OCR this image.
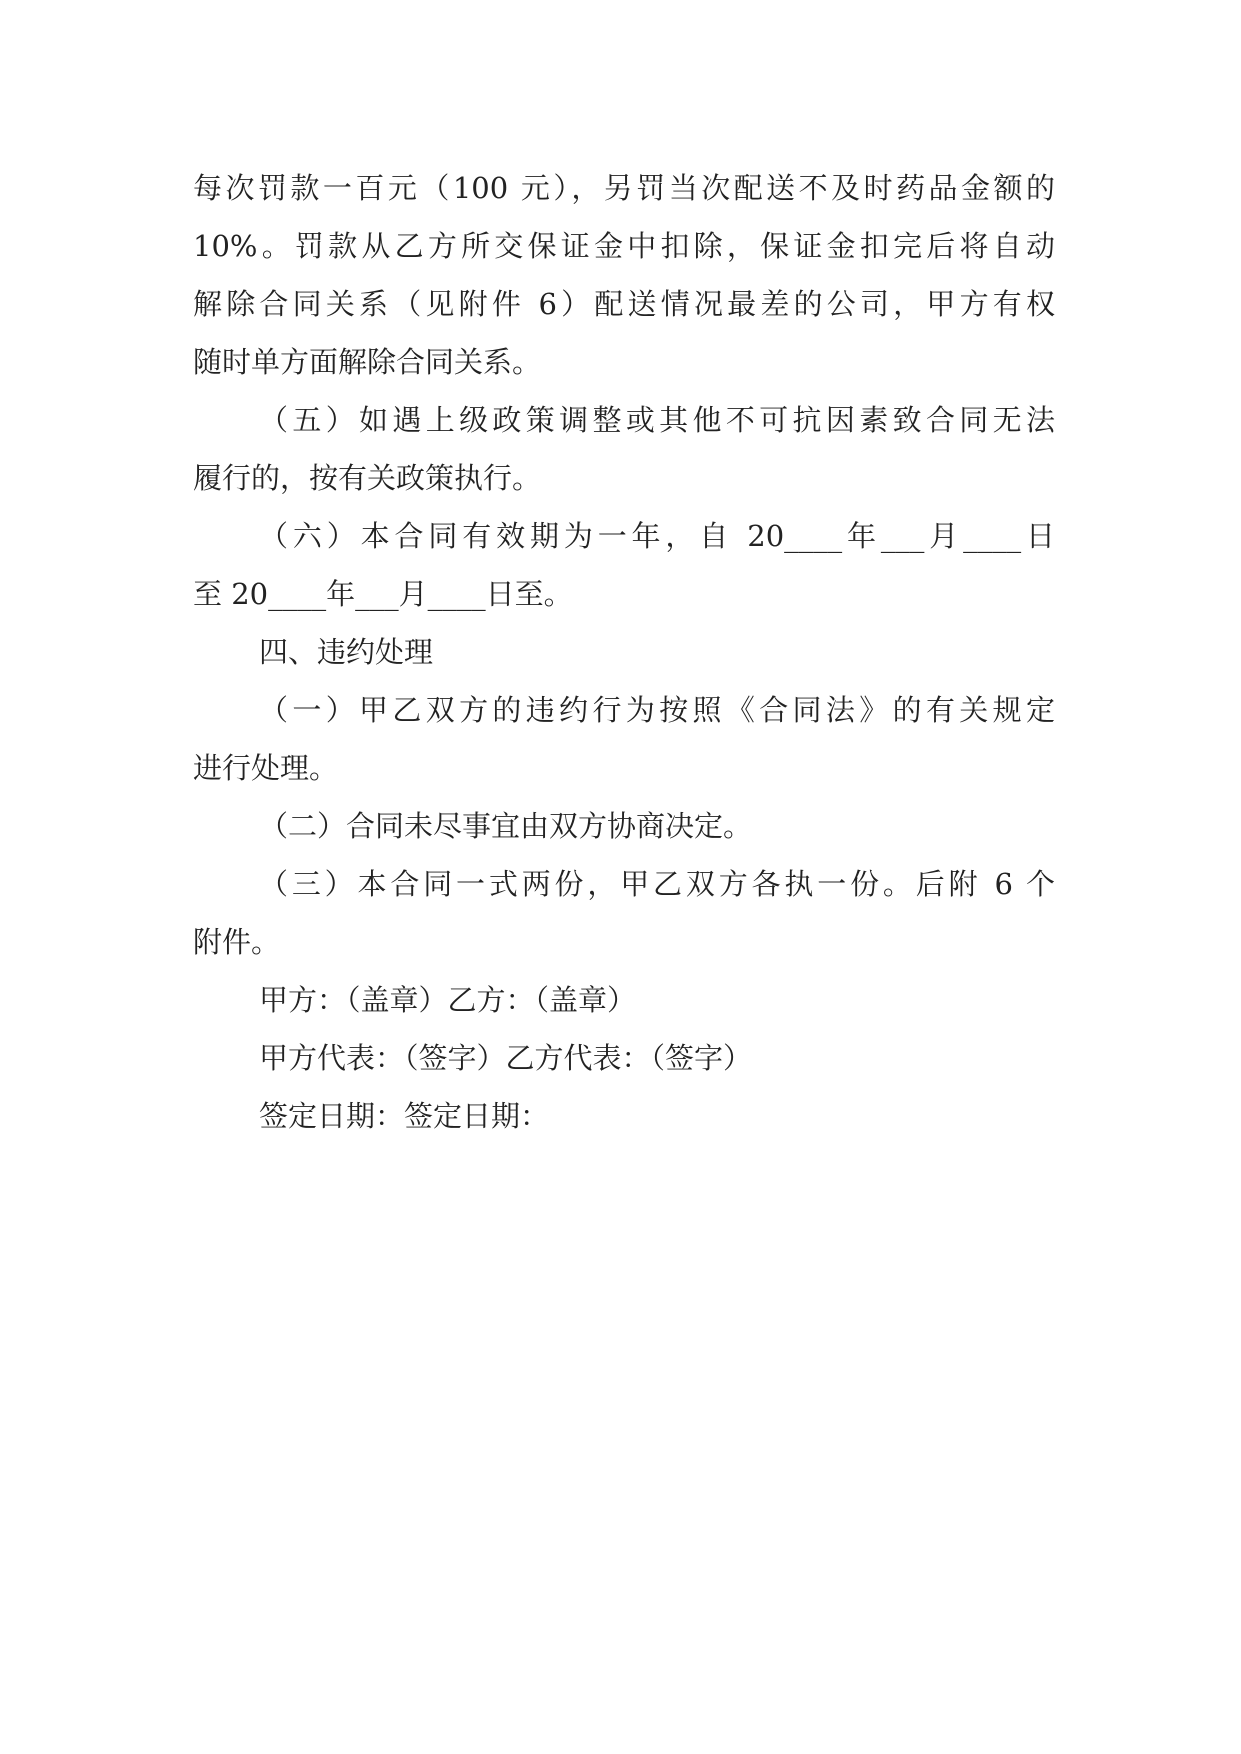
每次罚款一百元（100 元），另罚当次配送不及时药品金额的
10%。罚款从乙方所交保证金中扣除，保证金扣完后将自动
解除合同关系（见附件 6）配送情况最差的公司，甲方有权
随时单方面解除合同关系。
（五）如遇上级政策调整或其他不可抗因素致合同无法
履行的，按有关政策执行。
（六）本合同有效期为一年，自 20____年___月____日
至 20____年___月____日至。
四、违约处理
（一）甲乙双方的违约行为按照《合同法》的有关规定
进行处理。
（二）合同未尽事宜由双方协商决定。
（三）本合同一式两份，甲乙双方各执一份。后附 6 个
附件。
甲方：（盖章）乙方：（盖章）
甲方代表：（签字）乙方代表：（签字）
签定日期：签定日期：
